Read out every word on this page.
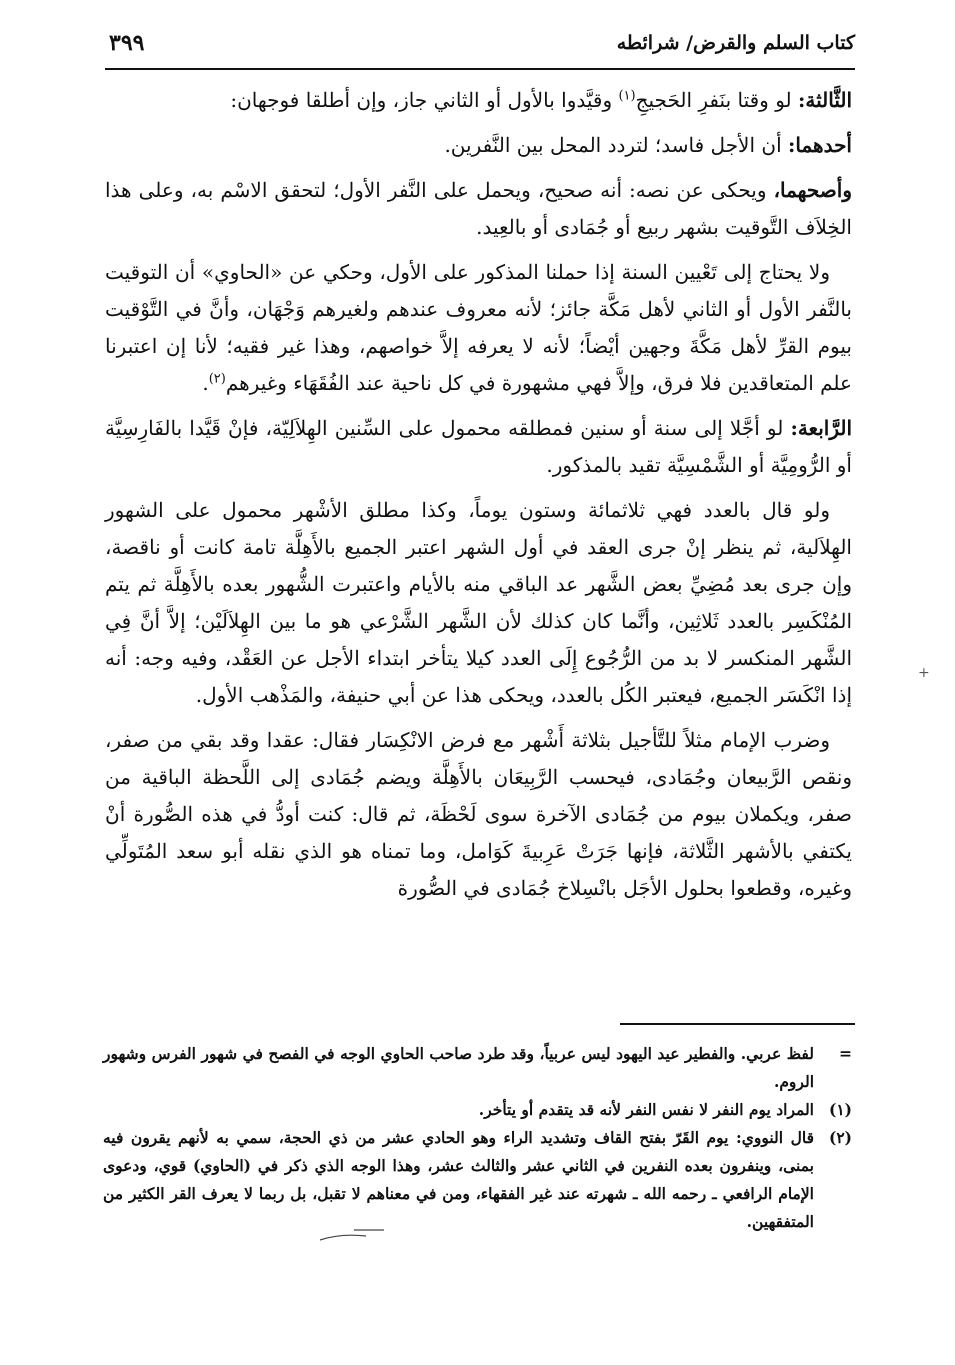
كتاب السلم والقرض/ شرائطه
٣٩٩

الثَّالثة: لو وقتا بنَفرِ الحَجيجِ$^{(١)}$ وقيَّدوا بالأول أو الثاني جاز، وإن أطلقا فوجهان:

أحدهما: أن الأجل فاسد؛ لتردد المحل بين النَّفرين.

وأصحهما، ويحكى عن نصه: أنه صحيح، ويحمل على النَّفر الأول؛ لتحقق الاسْم به، وعلى هذا الخِلاَف التَّوقيت بشهر ربيع أو جُمَادى أو بالعِيد.

ولا يحتاج إلى تَعْيين السنة إذا حملنا المذكور على الأول، وحكي عن «الحاوي» أن التوقيت بالنَّفر الأول أو الثاني لأهل مَكَّة جائز؛ لأنه معروف عندهم ولغيرهم وَجْهَان، وأنَّ في التَّوْقيت بيوم القرِّ لأهل مَكَّةَ وجهين أيْضاً؛ لأنه لا يعرفه إلاَّ خواصهم، وهذا غير فقيه؛ لأنا إن اعتبرنا علم المتعاقدين فلا فرق، وإلاَّ فهي مشهورة في كل ناحية عند الفُقَهَاء وغيرهم$^{(٢)}$.

الرَّابعة: لو أجَّلا إلى سنة أو سنين فمطلقه محمول على السِّنين الهِلاَلِيّة، فإنْ قَيَّدا بالفَارِسِيَّة أو الرُّومِيَّة أو الشَّمْسِيَّة تقيد بالمذكور.

ولو قال بالعدد فهي ثلاثمائة وستون يوماً، وكذا مطلق الأشْهر محمول على الشهور الهِلاَلية، ثم ينظر إنْ جرى العقد في أول الشهر اعتبر الجميع بالأَهِلَّة تامة كانت أو ناقصة، وإن جرى بعد مُضِيِّ بعض الشَّهر عد الباقي منه بالأيام واعتبرت الشُّهور بعده بالأَهِلَّة ثم يتم المُنْكَسِر بالعدد ثَلاثِين، وأنَّما كان كذلك لأن الشَّهر الشَّرْعي هو ما بين الهِلاَلَيْن؛ إلاَّ أنَّ فِي الشَّهر المنكسر لا بد من الرُّجُوع إِلَى العدد كيلا يتأخر ابتداء الأجل عن العَقْد، وفيه وجه: أنه إذا انْكَسَر الجميع، فيعتبر الكُل بالعدد، ويحكى هذا عن أبي حنيفة، والمَذْهب الأول.

وضرب الإمام مثلاً للتَّأجيل بثلاثة أَشْهر مع فرض الانْكِسَار فقال: عقدا وقد بقي من صفر، ونقص الرَّبيعان وجُمَادى، فيحسب الرَّبِيعَان بالأَهِلَّة ويضم جُمَادى إلى اللَّحظة الباقية من صفر، ويكملان بيوم من جُمَادى الآخرة سوى لَحْظَة، ثم قال: كنت أودُّ في هذه الصُّورة أنْ يكتفي بالأشهر الثَّلاثة، فإنها جَرَتْ عَرِبيةَ كَوَامل، وما تمناه هو الذي نقله أبو سعد المُتَولِّي وغيره، وقطعوا بحلول الأجَل بانْسِلاخ جُمَادى في الصُّورة

+

=
لفظ عربي. والفطير عيد اليهود ليس عربياً، وقد طرد صاحب الحاوي الوجه في الفصح في شهور الفرس وشهور الروم.

(١)
المراد يوم النفر لا نفس النفر لأنه قد يتقدم أو يتأخر.

(٢)
قال النووي: يوم القَرّ بفتح القاف وتشديد الراء وهو الحادي عشر من ذي الحجة، سمي به لأنهم يقرون فيه بمنى، وينفرون بعده النفرين في الثاني عشر والثالث عشر، وهذا الوجه الذي ذكر في (الحاوي) قوي، ودعوى الإمام الرافعي ـ رحمه الله ـ شهرته عند غير الفقهاء، ومن في معناهم لا تقبل، بل ربما لا يعرف القر الكثير من المتفقهين.
